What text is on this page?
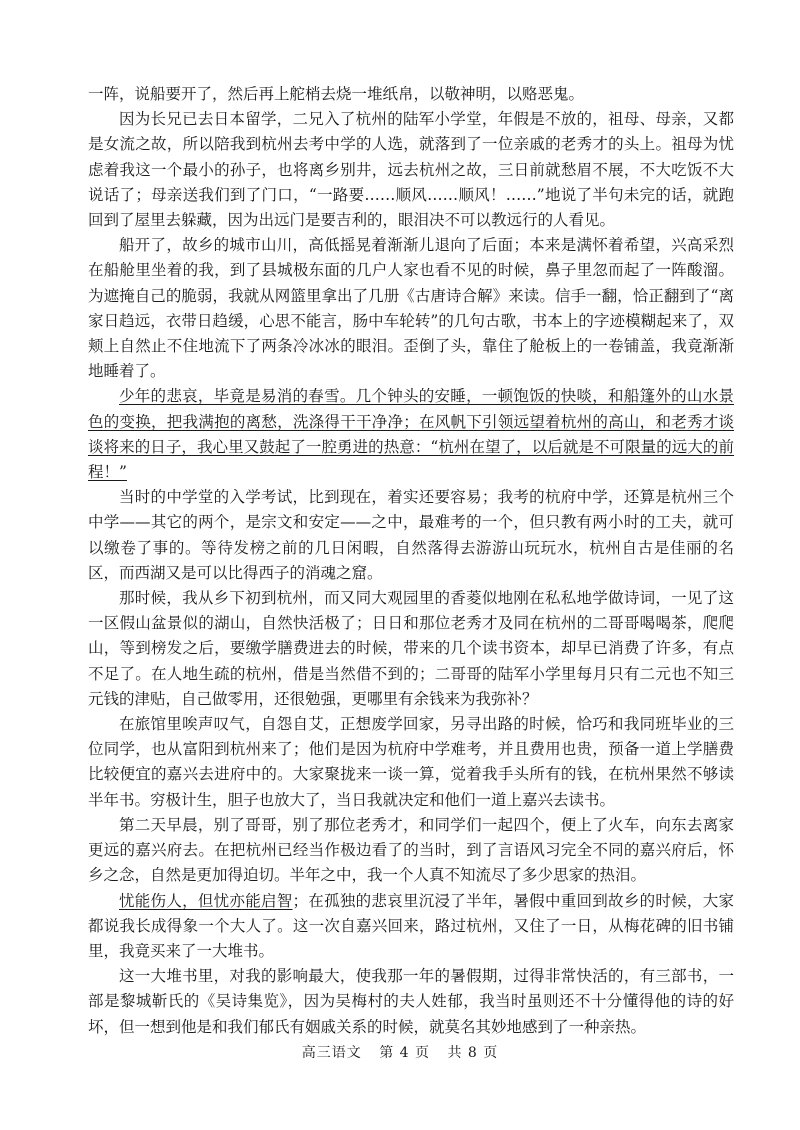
一阵，说船要开了，然后再上舵梢去烧一堆纸帛，以敬神明，以赂恶鬼。

因为长兄已去日本留学，二兄入了杭州的陆军小学堂，年假是不放的，祖母、母亲，又都是女流之故，所以陪我到杭州去考中学的人选，就落到了一位亲戚的老秀才的头上。祖母为忧虑着我这一个最小的孙子，也将离乡别井，远去杭州之故，三日前就愁眉不展，不大吃饭不大说话了；母亲送我们到了门口，“一路要……顺风……顺风！……”地说了半句未完的话，就跑回到了屋里去躲藏，因为出远门是要吉利的，眼泪决不可以教远行的人看见。

船开了，故乡的城市山川，高低摇晃着渐渐儿退向了后面；本来是满怀着希望，兴高采烈在船舱里坐着的我，到了县城极东面的几户人家也看不见的时候，鼻子里忽而起了一阵酸溜。为遮掩自己的脆弱，我就从网篮里拿出了几册《古唐诗合解》来读。信手一翻，恰正翻到了“离家日趋远，衣带日趋缓，心思不能言，肠中车轮转”的几句古歌，书本上的字迹模糊起来了，双颊上自然止不住地流下了两条冷冰冰的眼泪。歪倒了头，靠住了舱板上的一卷铺盖，我竟渐渐地睡着了。

少年的悲哀，毕竟是易消的春雪。几个钟头的安睡，一顿饱饭的快啖，和船篷外的山水景色的变换，把我满抱的离愁，洗涤得干干净净；在风帆下引领远望着杭州的高山，和老秀才谈谈将来的日子，我心里又鼓起了一腔勇进的热意：“杭州在望了，以后就是不可限量的远大的前程！”

当时的中学堂的入学考试，比到现在，着实还要容易；我考的杭府中学，还算是杭州三个中学——其它的两个，是宗文和安定——之中，最难考的一个，但只教有两小时的工夫，就可以缴卷了事的。等待发榜之前的几日闲暇，自然落得去游游山玩玩水，杭州自古是佳丽的名区，而西湖又是可以比得西子的消魂之窟。

那时候，我从乡下初到杭州，而又同大观园里的香菱似地刚在私私地学做诗词，一见了这一区假山盆景似的湖山，自然快活极了；日日和那位老秀才及同在杭州的二哥哥喝喝茶，爬爬山，等到榜发之后，要缴学膳费进去的时候，带来的几个读书资本，却早已消费了许多，有点不足了。在人地生疏的杭州，借是当然借不到的；二哥哥的陆军小学里每月只有二元也不知三元钱的津贴，自己做零用，还很勉强，更哪里有余钱来为我弥补？

在旅馆里唉声叹气，自怨自艾，正想废学回家，另寻出路的时候，恰巧和我同班毕业的三位同学，也从富阳到杭州来了；他们是因为杭府中学难考，并且费用也贵，预备一道上学膳费比较便宜的嘉兴去进府中的。大家聚拢来一谈一算，觉着我手头所有的钱，在杭州果然不够读半年书。穷极计生，胆子也放大了，当日我就决定和他们一道上嘉兴去读书。

第二天早晨，别了哥哥，别了那位老秀才，和同学们一起四个，便上了火车，向东去离家更远的嘉兴府去。在把杭州已经当作极边看了的当时，到了言语风习完全不同的嘉兴府后，怀乡之念，自然是更加得迫切。半年之中，我一个人真不知流尽了多少思家的热泪。

忧能伤人，但忧亦能启智；在孤独的悲哀里沉浸了半年，暑假中重回到故乡的时候，大家都说我长成得象一个大人了。这一次自嘉兴回来，路过杭州，又住了一日，从梅花碑的旧书铺里，我竟买来了一大堆书。

这一大堆书里，对我的影响最大，使我那一年的暑假期，过得非常快活的，有三部书，一部是黎城靳氏的《吴诗集览》，因为吴梅村的夫人姓郁，我当时虽则还不十分懂得他的诗的好坏，但一想到他是和我们郁氏有姻戚关系的时候，就莫名其妙地感到了一种亲热。

高三语文 第 4 页 共 8 页
